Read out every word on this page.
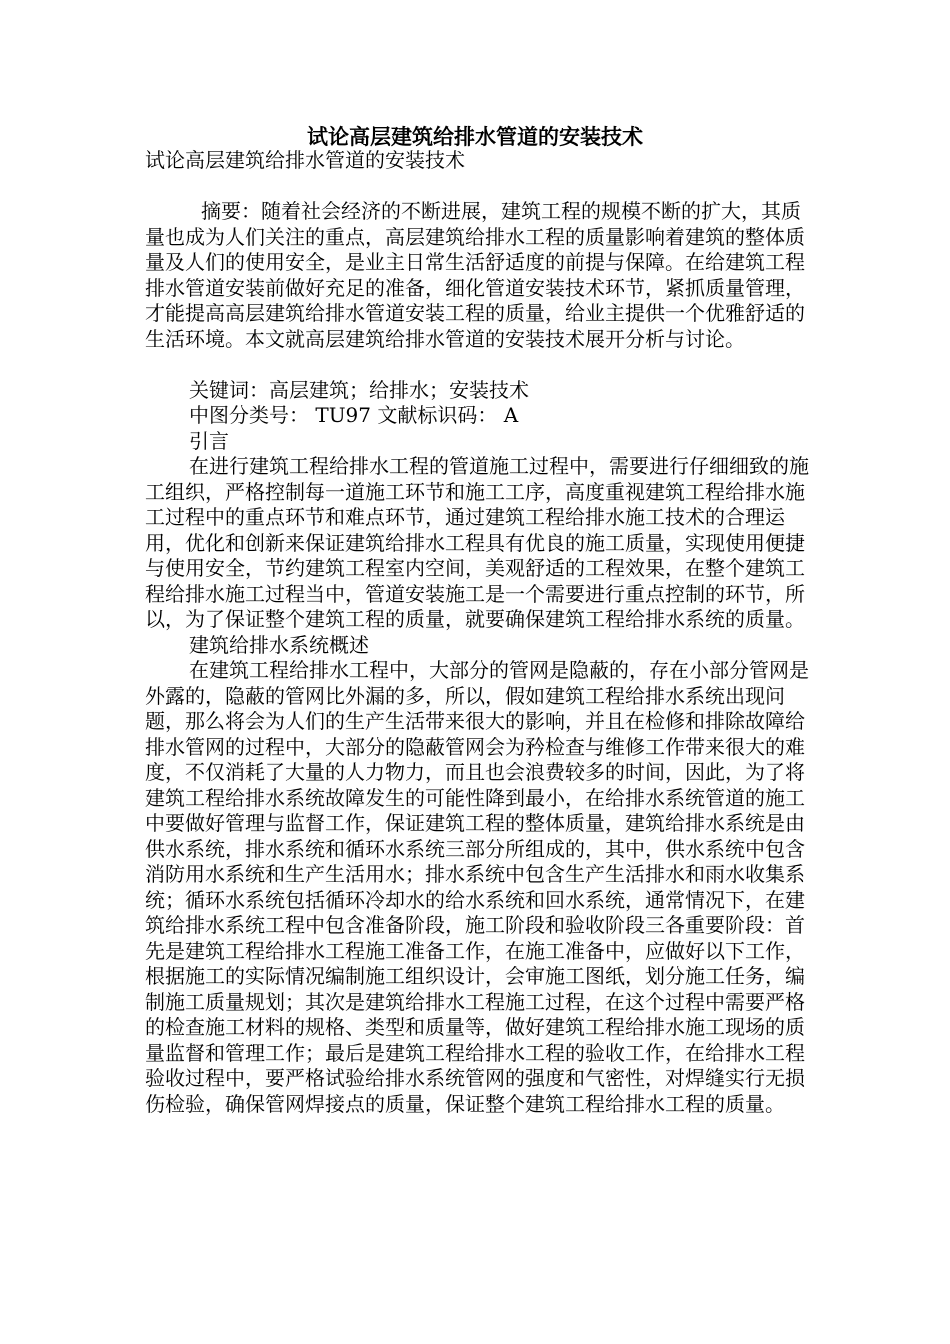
试论高层建筑给排水管道的安装技术

试论高层建筑给排水管道的安装技术

摘要：随着社会经济的不断进展，建筑工程的规模不断的扩大，其质量也成为人们关注的重点，高层建筑给排水工程的质量影响着建筑的整体质量及人们的使用安全，是业主日常生活舒适度的前提与保障。在给建筑工程排水管道安装前做好充足的准备，细化管道安装技术环节，紧抓质量管理，才能提高高层建筑给排水管道安装工程的质量，给业主提供一个优雅舒适的生活环境。本文就高层建筑给排水管道的安装技术展开分析与讨论。

关键词：高层建筑；给排水；安装技术

中图分类号： TU97 文献标识码： A

引言

在进行建筑工程给排水工程的管道施工过程中，需要进行仔细细致的施工组织，严格控制每一道施工环节和施工工序，高度重视建筑工程给排水施工过程中的重点环节和难点环节，通过建筑工程给排水施工技术的合理运用，优化和创新来保证建筑给排水工程具有优良的施工质量，实现使用便捷与使用安全，节约建筑工程室内空间，美观舒适的工程效果，在整个建筑工程给排水施工过程当中，管道安装施工是一个需要进行重点控制的环节，所以，为了保证整个建筑工程的质量，就要确保建筑工程给排水系统的质量。

建筑给排水系统概述

在建筑工程给排水工程中，大部分的管网是隐蔽的，存在小部分管网是外露的，隐蔽的管网比外漏的多，所以，假如建筑工程给排水系统出现问题，那么将会为人们的生产生活带来很大的影响，并且在检修和排除故障给排水管网的过程中，大部分的隐蔽管网会为矜检查与维修工作带来很大的难度，不仅消耗了大量的人力物力，而且也会浪费较多的时间，因此，为了将建筑工程给排水系统故障发生的可能性降到最小，在给排水系统管道的施工中要做好管理与监督工作，保证建筑工程的整体质量，建筑给排水系统是由供水系统，排水系统和循环水系统三部分所组成的，其中，供水系统中包含消防用水系统和生产生活用水；排水系统中包含生产生活排水和雨水收集系统；循环水系统包括循环冷却水的给水系统和回水系统，通常情况下，在建筑给排水系统工程中包含准备阶段，施工阶段和验收阶段三各重要阶段：首先是建筑工程给排水工程施工准备工作，在施工准备中，应做好以下工作，根据施工的实际情况编制施工组织设计，会审施工图纸，划分施工任务，编制施工质量规划；其次是建筑给排水工程施工过程，在这个过程中需要严格的检查施工材料的规格、类型和质量等，做好建筑工程给排水施工现场的质量监督和管理工作；最后是建筑工程给排水工程的验收工作，在给排水工程验收过程中，要严格试验给排水系统管网的强度和气密性，对焊缝实行无损伤检验，确保管网焊接点的质量，保证整个建筑工程给排水工程的质量。
